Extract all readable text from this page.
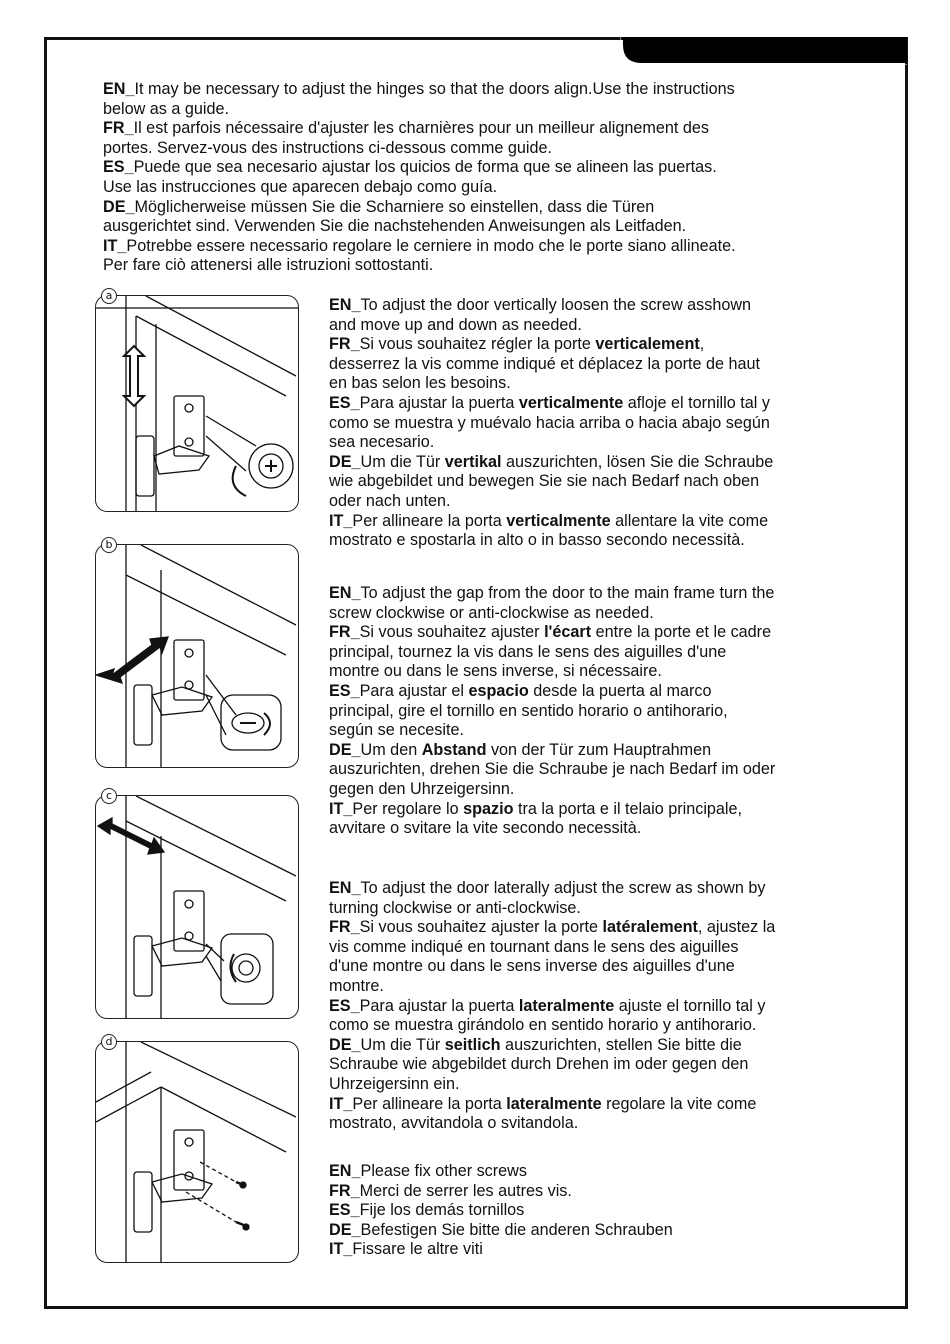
EN_It may be necessary to adjust the hinges so that the doors align.Use the instructions
below as a guide.
FR_Il est parfois nécessaire d'ajuster les charnières pour un meilleur alignement des
portes. Servez-vous des instructions ci-dessous comme guide.
ES_Puede que sea necesario ajustar los quicios de forma que se alineen las puertas.
Use las instrucciones que aparecen debajo como guía.
DE_Möglicherweise müssen Sie die Scharniere so einstellen, dass die Türen
ausgerichtet sind. Verwenden Sie die nachstehenden Anweisungen als Leitfaden.
IT_Potrebbe essere necessario regolare le cerniere in modo che le porte siano allineate.
Per fare ciò attenersi alle istruzioni sottostanti.
a
b
c
d
EN_To adjust the door vertically loosen the screw asshown
and move up and down as needed.
FR_Si vous souhaitez régler la porte verticalement,
desserrez la vis comme indiqué et déplacez la porte de haut
en bas selon les besoins.
ES_Para ajustar la puerta verticalmente afloje el tornillo tal y
como se muestra y muévalo hacia arriba o hacia abajo según
sea necesario.
DE_Um die Tür vertikal auszurichten, lösen Sie die Schraube
wie abgebildet und bewegen Sie sie nach Bedarf nach oben
oder nach unten.
IT_Per allineare la porta verticalmente allentare la vite come
mostrato e spostarla in alto o in basso secondo necessità.
EN_To adjust the gap from the door to the main frame turn the
screw clockwise or anti-clockwise as needed.
FR_Si vous souhaitez ajuster l'écart entre la porte et le cadre
principal, tournez la vis dans le sens des aiguilles d'une
montre ou dans le sens inverse, si nécessaire.
ES_Para ajustar el espacio desde la puerta al marco
principal, gire el tornillo en sentido horario o antihorario,
según se necesite.
DE_Um den Abstand von der Tür zum Hauptrahmen
auszurichten, drehen Sie die Schraube je nach Bedarf im oder
gegen den Uhrzeigersinn.
IT_Per regolare lo spazio tra la porta e il telaio principale,
avvitare o svitare la vite secondo necessità.
EN_To adjust the door laterally adjust the screw as shown by
turning clockwise or anti-clockwise.
FR_Si vous souhaitez ajuster la porte latéralement, ajustez la
vis comme indiqué en tournant dans le sens des aiguilles
d'une montre ou dans le sens inverse des aiguilles d'une
montre.
ES_Para ajustar la puerta lateralmente ajuste el tornillo tal y
como se muestra girándolo en sentido horario y antihorario.
DE_Um die Tür seitlich auszurichten, stellen Sie bitte die
Schraube wie abgebildet durch Drehen im oder gegen den
Uhrzeigersinn ein.
IT_Per allineare la porta lateralmente regolare la vite come
mostrato, avvitandola o svitandola.
EN_Please fix other screws
FR_Merci de serrer les autres vis.
ES_Fije los demás tornillos
DE_Befestigen Sie bitte die anderen Schrauben
IT_Fissare le altre viti
